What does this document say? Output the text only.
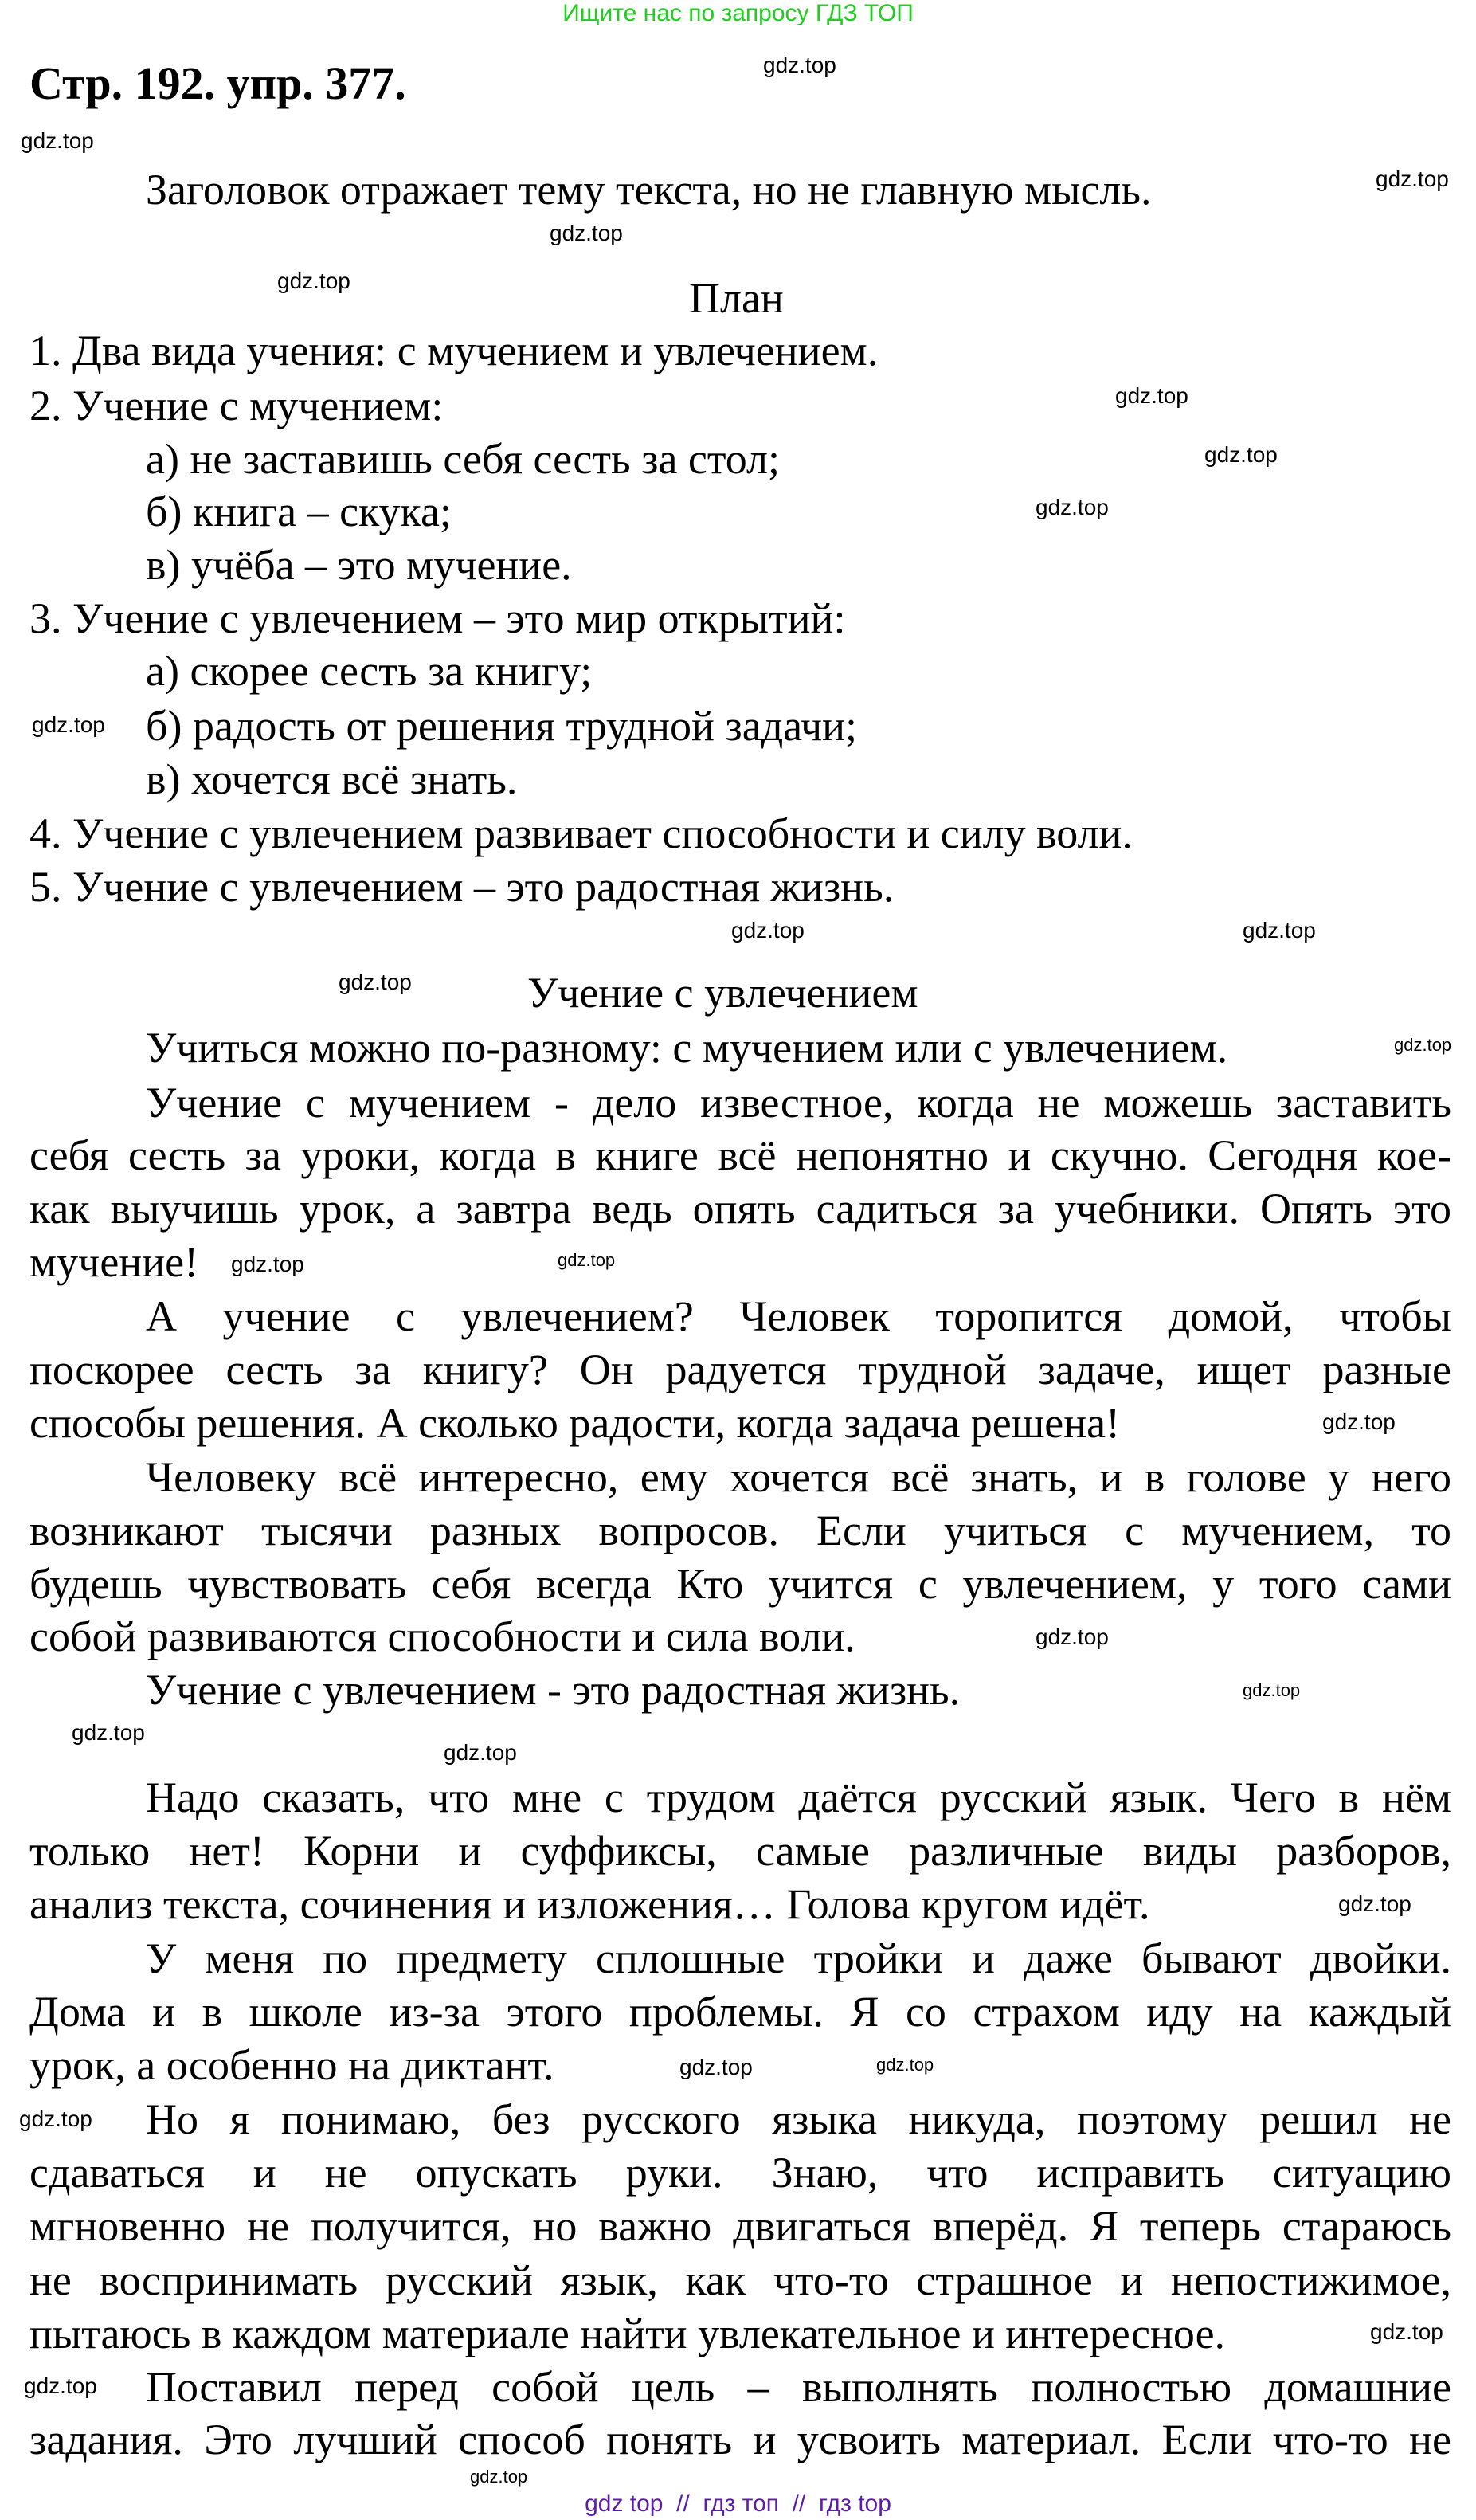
Ищите нас по запросу ГДЗ ТОП
Стр. 192. упр. 377.
Заголовок отражает тему текста, но не главную мысль.
План
1. Два вида учения: с мучением и увлечением.
2. Учение с мучением:
а) не заставишь себя сесть за стол;
б) книга – скука;
в) учёба – это мучение.
3. Учение с увлечением – это мир открытий:
а) скорее сесть за книгу;
б) радость от решения трудной задачи;
в) хочется всё знать.
4. Учение с увлечением развивает способности и силу воли.
5. Учение с увлечением – это радостная жизнь.
Учение с увлечением
Учиться можно по-разному: с мучением или с увлечением.
Учение с мучением - дело известное, когда не можешь заставить
себя сесть за уроки, когда в книге всё непонятно и скучно. Сегодня кое-
как выучишь урок, а завтра ведь опять садиться за учебники. Опять это
мучение!
А учение с увлечением? Человек торопится домой, чтобы
поскорее сесть за книгу? Он радуется трудной задаче, ищет разные
способы решения. А сколько радости, когда задача решена!
Человеку всё интересно, ему хочется всё знать, и в голове у него
возникают тысячи разных вопросов. Если учиться с мучением, то
будешь чувствовать себя всегда Кто учится с увлечением, у того сами
собой развиваются способности и сила воли.
Учение с увлечением - это радостная жизнь.
Надо сказать, что мне с трудом даётся русский язык. Чего в нём
только нет! Корни и суффиксы, самые различные виды разборов,
анализ текста, сочинения и изложения… Голова кругом идёт.
У меня по предмету сплошные тройки и даже бывают двойки.
Дома и в школе из-за этого проблемы. Я со страхом иду на каждый
урок, а особенно на диктант.
Но я понимаю, без русского языка никуда, поэтому решил не
сдаваться и не опускать руки. Знаю, что исправить ситуацию
мгновенно не получится, но важно двигаться вперёд. Я теперь стараюсь
не воспринимать русский язык, как что-то страшное и непостижимое,
пытаюсь в каждом материале найти увлекательное и интересное.
Поставил перед собой цель – выполнять полностью домашние
задания. Это лучший способ понять и усвоить материал. Если что-то не
gdz.top
gdz.top
gdz.top
gdz.top
gdz.top
gdz.top
gdz.top
gdz.top
gdz.top
gdz.top
gdz.top
gdz.top
gdz.top
gdz.top
gdz.top
gdz.top
gdz.top
gdz.top
gdz.top
gdz.top
gdz.top
gdz.top
gdz.top
gdz.top
gdz.top
gdz.top
gdz.top
gdz top  //  гдз топ  //  гдз top
